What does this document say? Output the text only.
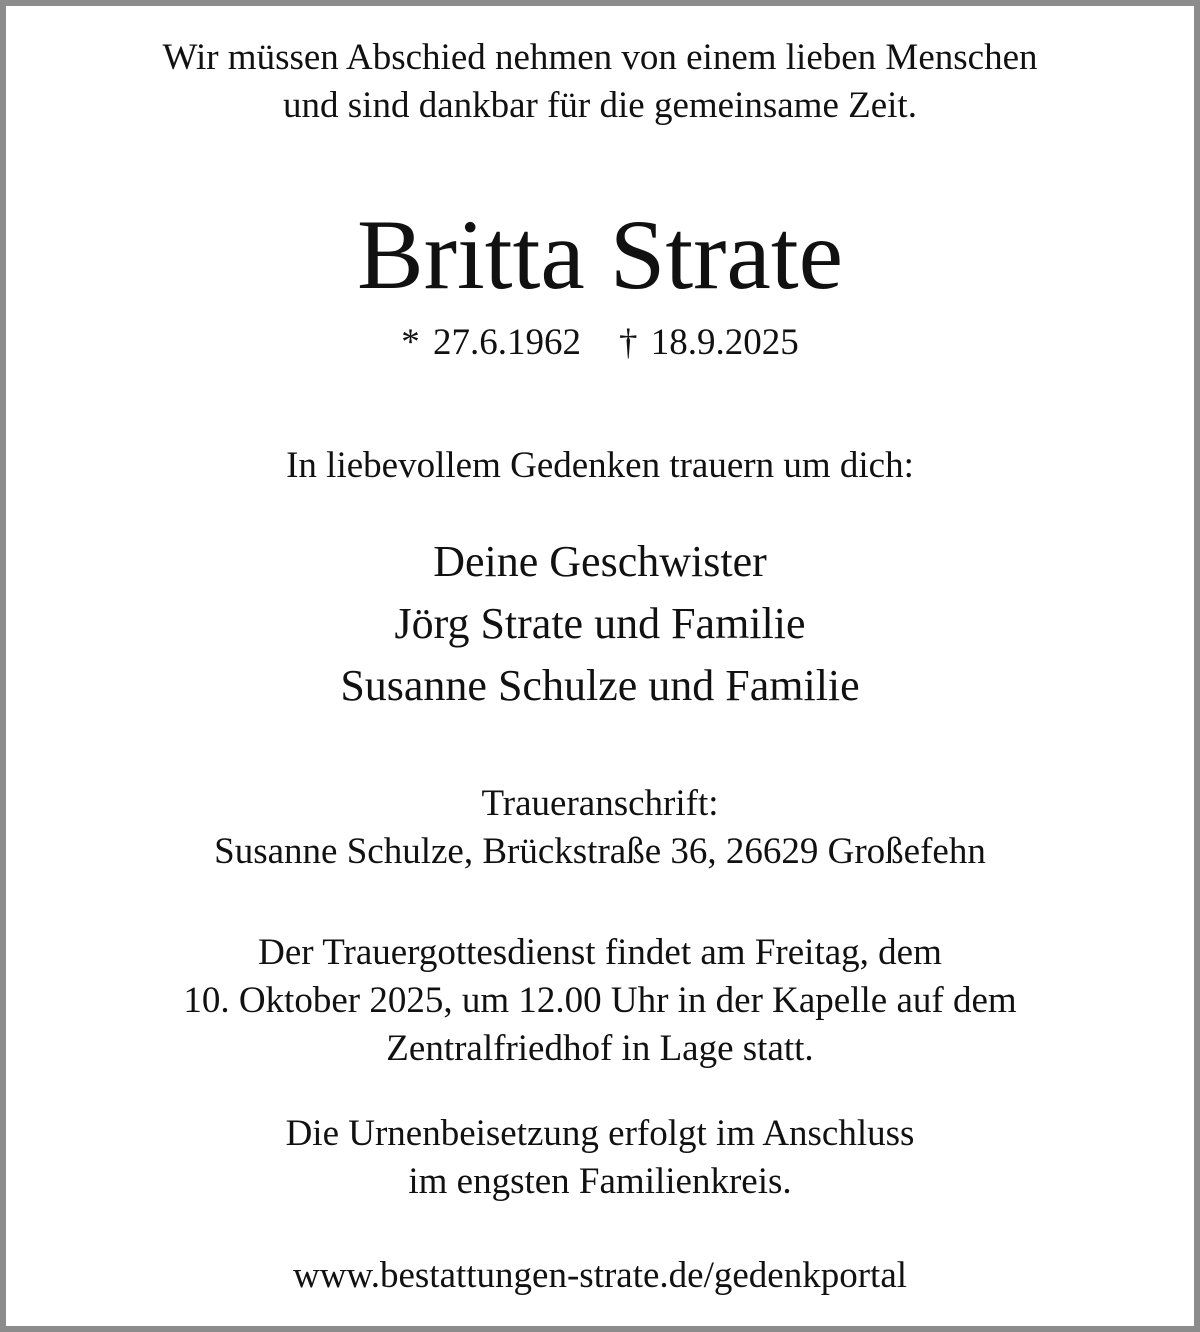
Wir müssen Abschied nehmen von einem lieben Menschen
und sind dankbar für die gemeinsame Zeit.
Britta Strate
* 27.6.1962 † 18.9.2025
In liebevollem Gedenken trauern um dich:
Deine Geschwister
Jörg Strate und Familie
Susanne Schulze und Familie
Traueranschrift:
Susanne Schulze, Brückstraße 36, 26629 Großefehn
Der Trauergottesdienst findet am Freitag, dem
10. Oktober 2025, um 12.00 Uhr in der Kapelle auf dem
Zentralfriedhof in Lage statt.
Die Urnenbeisetzung erfolgt im Anschluss
im engsten Familienkreis.
www.bestattungen-strate.de/gedenkportal
